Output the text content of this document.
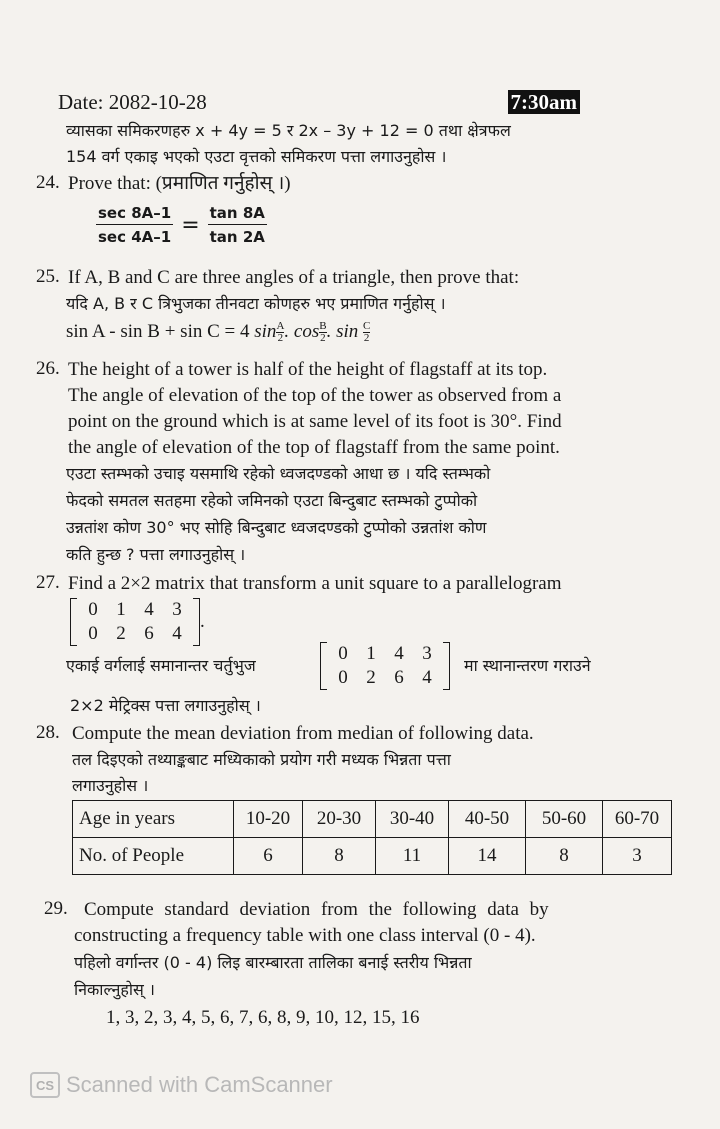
Date: 2082-10-28	7:30am
व्यासका समिकरणहरु x + 4y = 5 र 2x – 3y + 12 = 0 तथा क्षेत्रफल
154 वर्ग एकाइ भएको एउटा वृत्तको समिकरण पत्ता लगाउनुहोस ।
24. Prove that: (प्रमाणित गर्नुहोस् ।)
$\frac{\sec 8A-1}{\sec 4A-1} = \frac{\tan 8A}{\tan 2A}$
25. If A, B and C are three angles of a triangle, then prove that:
यदि A, B र C त्रिभुजका तीनवटा कोणहरु भए प्रमाणित गर्नुहोस् ।
sin A - sin B + sin C = 4 $\sin \frac{A}{2}$ . $\cos \frac{B}{2}$ . $\sin \frac{C}{2}$
26. The height of a tower is half of the height of flagstaff at its top.
The angle of elevation of the top of the tower as observed from a
point on the ground which is at same level of its foot is 30°. Find
the angle of elevation of the top of flagstaff from the same point.
एउटा स्तम्भको उचाइ यसमाथि रहेको ध्वजदण्डको आधा छ । यदि स्तम्भको
फेदको समतल सतहमा रहेको जमिनको एउटा बिन्दुबाट स्तम्भको टुप्पोको
उन्नतांश कोण 30° भए सोहि बिन्दुबाट ध्वजदण्डको टुप्पोको उन्नतांश कोण
कति हुन्छ ? पत्ता लगाउनुहोस् ।
27. Find a 2×2 matrix that transform a unit square to a parallelogram
0 1 4 3
0 2 6 4
.
एकाई वर्गलाई समानान्तर चर्तुभुज
0 1 4 3
0 2 6 4
मा स्थानान्तरण गराउने
2×2 मेट्रिक्स पत्ता लगाउनुहोस् ।
28. Compute the mean deviation from median of following data.
तल दिइएको तथ्याङ्कबाट मध्यिकाको प्रयोग गरी मध्यक भिन्नता पत्ता
लगाउनुहोस ।
Age in years	10-20	20-30	30-40	40-50	50-60	60-70
No. of People	6	8	11	14	8	3
29. Compute standard deviation from the following data by
constructing a frequency table with one class interval (0 - 4).
पहिलो वर्गान्तर (0 - 4) लिइ बारम्बारता तालिका बनाई स्तरीय भिन्नता
निकाल्नुहोस् ।
1, 3, 2, 3, 4, 5, 6, 7, 6, 8, 9, 10, 12, 15, 16
CS Scanned with CamScanner
